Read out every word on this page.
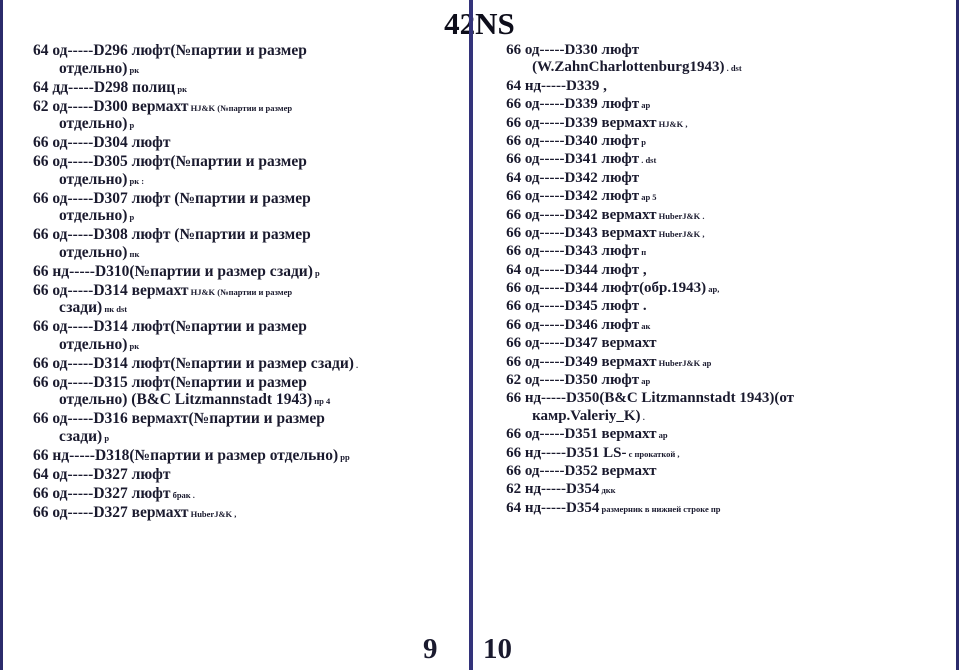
42NS
64 од-----D296 люфт(№партии и размер
отдельно) рк
64 дд-----D298 полиц рк
62 од-----D300 вермахт НJ&K (№партии и размер
отдельно) р
66 од-----D304 люфт
66 од-----D305 люфт(№партии и размер
отдельно) рк :
66 од-----D307 люфт (№партии и размер
отдельно) р
66 од-----D308 люфт (№партии и размер
отдельно) пк
66 нд-----D310(№партии и размер сзади) р
66 од-----D314 вермахт НJ&K (№партии и размер
сзади) пк dst
66 од-----D314 люфт(№партии и размер
отдельно) рк
66 од-----D314 люфт(№партии и размер сзади) .
66 од-----D315 люфт(№партии и размер
отдельно) (B&C Litzmannstadt 1943) пр 4
66 од-----D316 вермахт(№партии и размер
сзади) р
66 нд-----D318(№партии и размер отдельно) рр
64 од-----D327 люфт
66 од-----D327 люфт брак .
66 од-----D327 вермахт HuberJ&K ,
66 од-----D330 люфт
(W.ZahnCharlottenburg1943) . dst
64 нд-----D339 ,
66 од-----D339 люфт ар
66 од-----D339 вермахт НJ&K ,
66 од-----D340 люфт р
66 од-----D341 люфт . dst
64 од-----D342 люфт
66 од-----D342 люфт ар 5
66 од-----D342 вермахт HuberJ&K .
66 од-----D343 вермахт HuberJ&K ,
66 од-----D343 люфт п
64 од-----D344 люфт ,
66 од-----D344 люфт(обр.1943) ар,
66 од-----D345 люфт .
66 од-----D346 люфт ак
66 од-----D347 вермахт
66 од-----D349 вермахт HuberJ&K ар
62 од-----D350 люфт ар
66 нд-----D350(B&C Litzmannstadt 1943)(от
камр.Valeriy_K) .
66 од-----D351 вермахт ар
66 нд-----D351 LS- с прокаткой ,
66 од-----D352 вермахт
62 нд-----D354 дкк
64 нд-----D354 размерник в нижней строке пр
9 10
